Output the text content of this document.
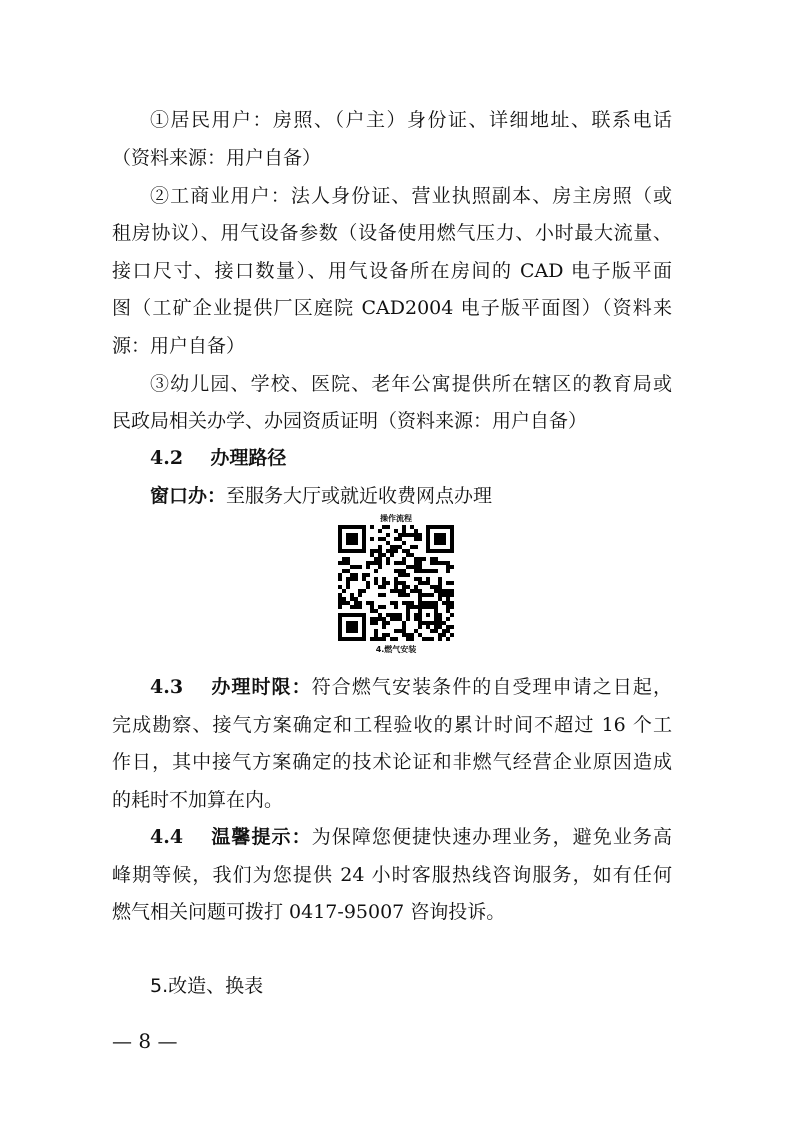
①居民用户：房照、（户主）身份证、详细地址、联系电话
（资料来源：用户自备）
②工商业用户：法人身份证、营业执照副本、房主房照（或
租房协议）、用气设备参数（设备使用燃气压力、小时最大流量、
接口尺寸、接口数量）、用气设备所在房间的 CAD 电子版平面
图（工矿企业提供厂区庭院 CAD2004 电子版平面图）（资料来
源：用户自备）
③幼儿园、学校、医院、老年公寓提供所在辖区的教育局或
民政局相关办学、办园资质证明（资料来源：用户自备）
4.2 办理路径
窗口办：至服务大厅或就近收费网点办理
操作流程
4.燃气安装
4.3 办理时限：符合燃气安装条件的自受理申请之日起，
完成勘察、接气方案确定和工程验收的累计时间不超过 16 个工
作日，其中接气方案确定的技术论证和非燃气经营企业原因造成
的耗时不加算在内。
4.4 温馨提示：为保障您便捷快速办理业务，避免业务高
峰期等候，我们为您提供 24 小时客服热线咨询服务，如有任何
燃气相关问题可拨打 0417-95007 咨询投诉。
5.改造、换表
— 8 —
